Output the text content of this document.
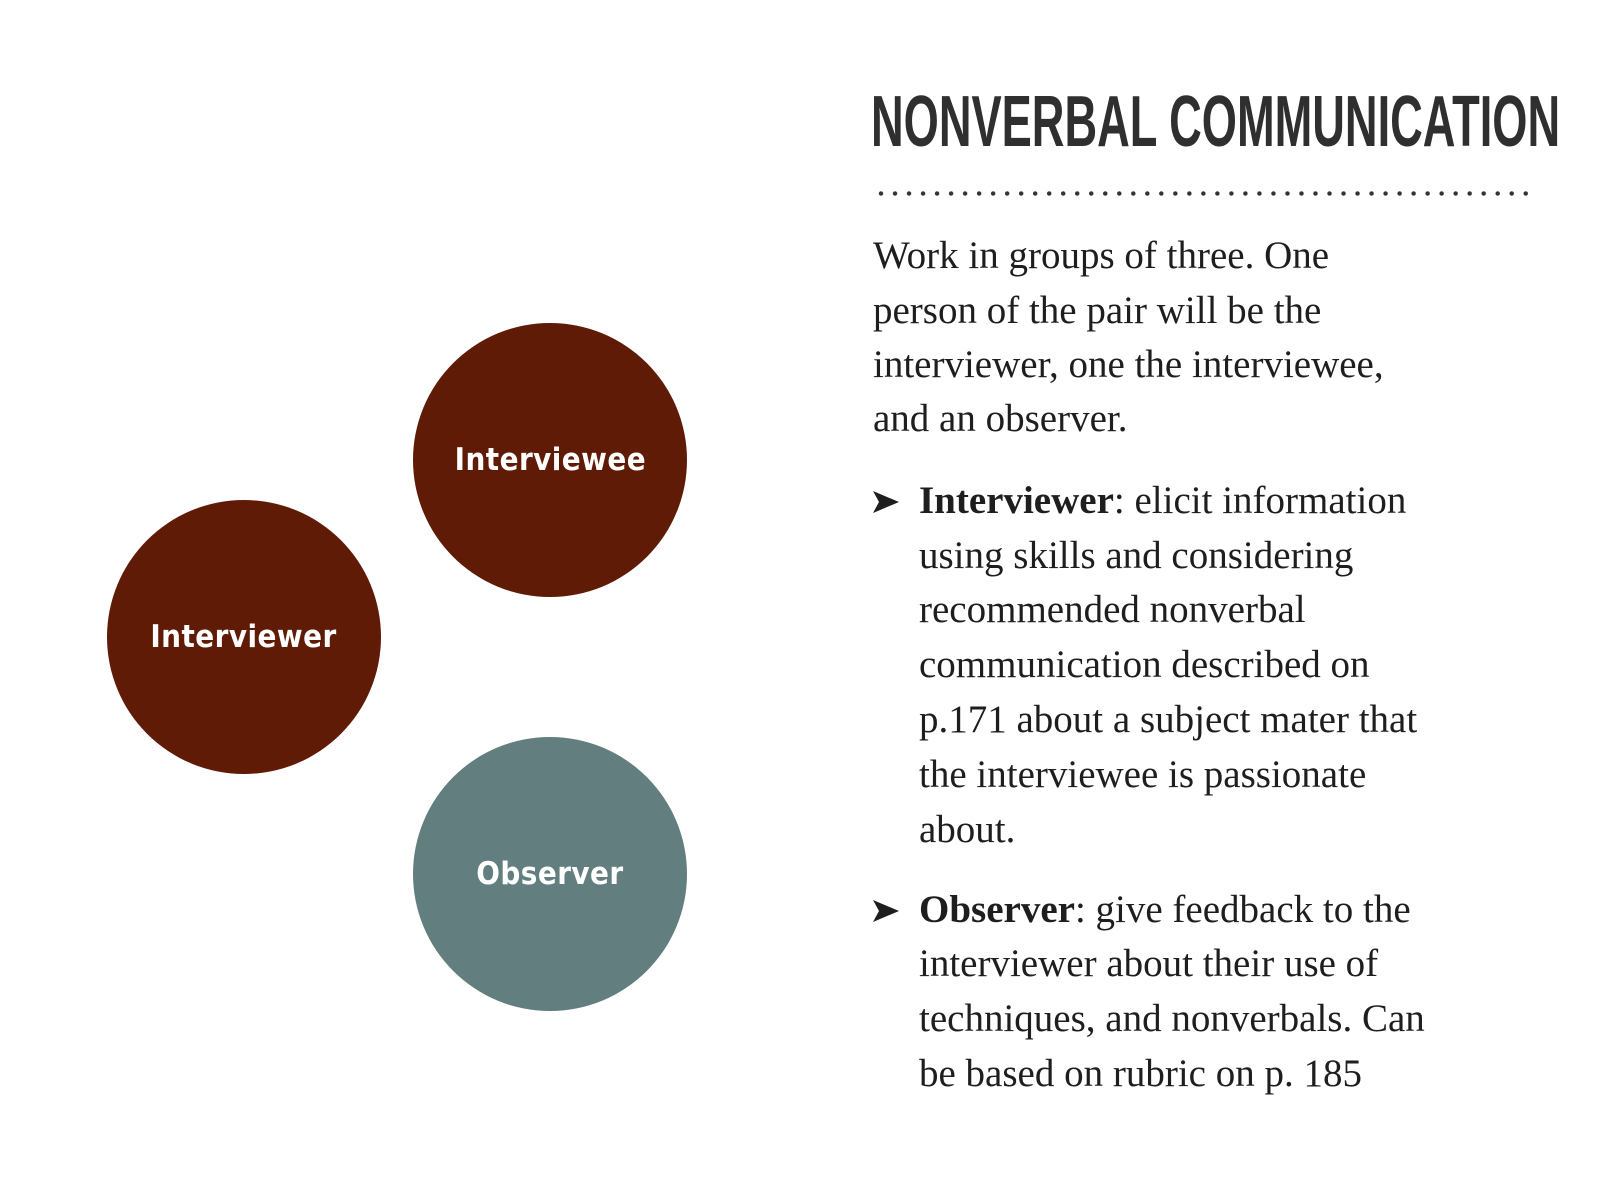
Interviewee
Interviewer
Observer
NONVERBAL COMMUNICATION
Work in groups of three. One
person of the pair will be the
interviewer, one the interviewee,
and an observer.
Interviewer: elicit information
using skills and considering
recommended nonverbal
communication described on
p.171 about a subject mater that
the interviewee is passionate
about.
Observer: give feedback to the
interviewer about their use of
techniques, and nonverbals. Can
be based on rubric on p. 185
